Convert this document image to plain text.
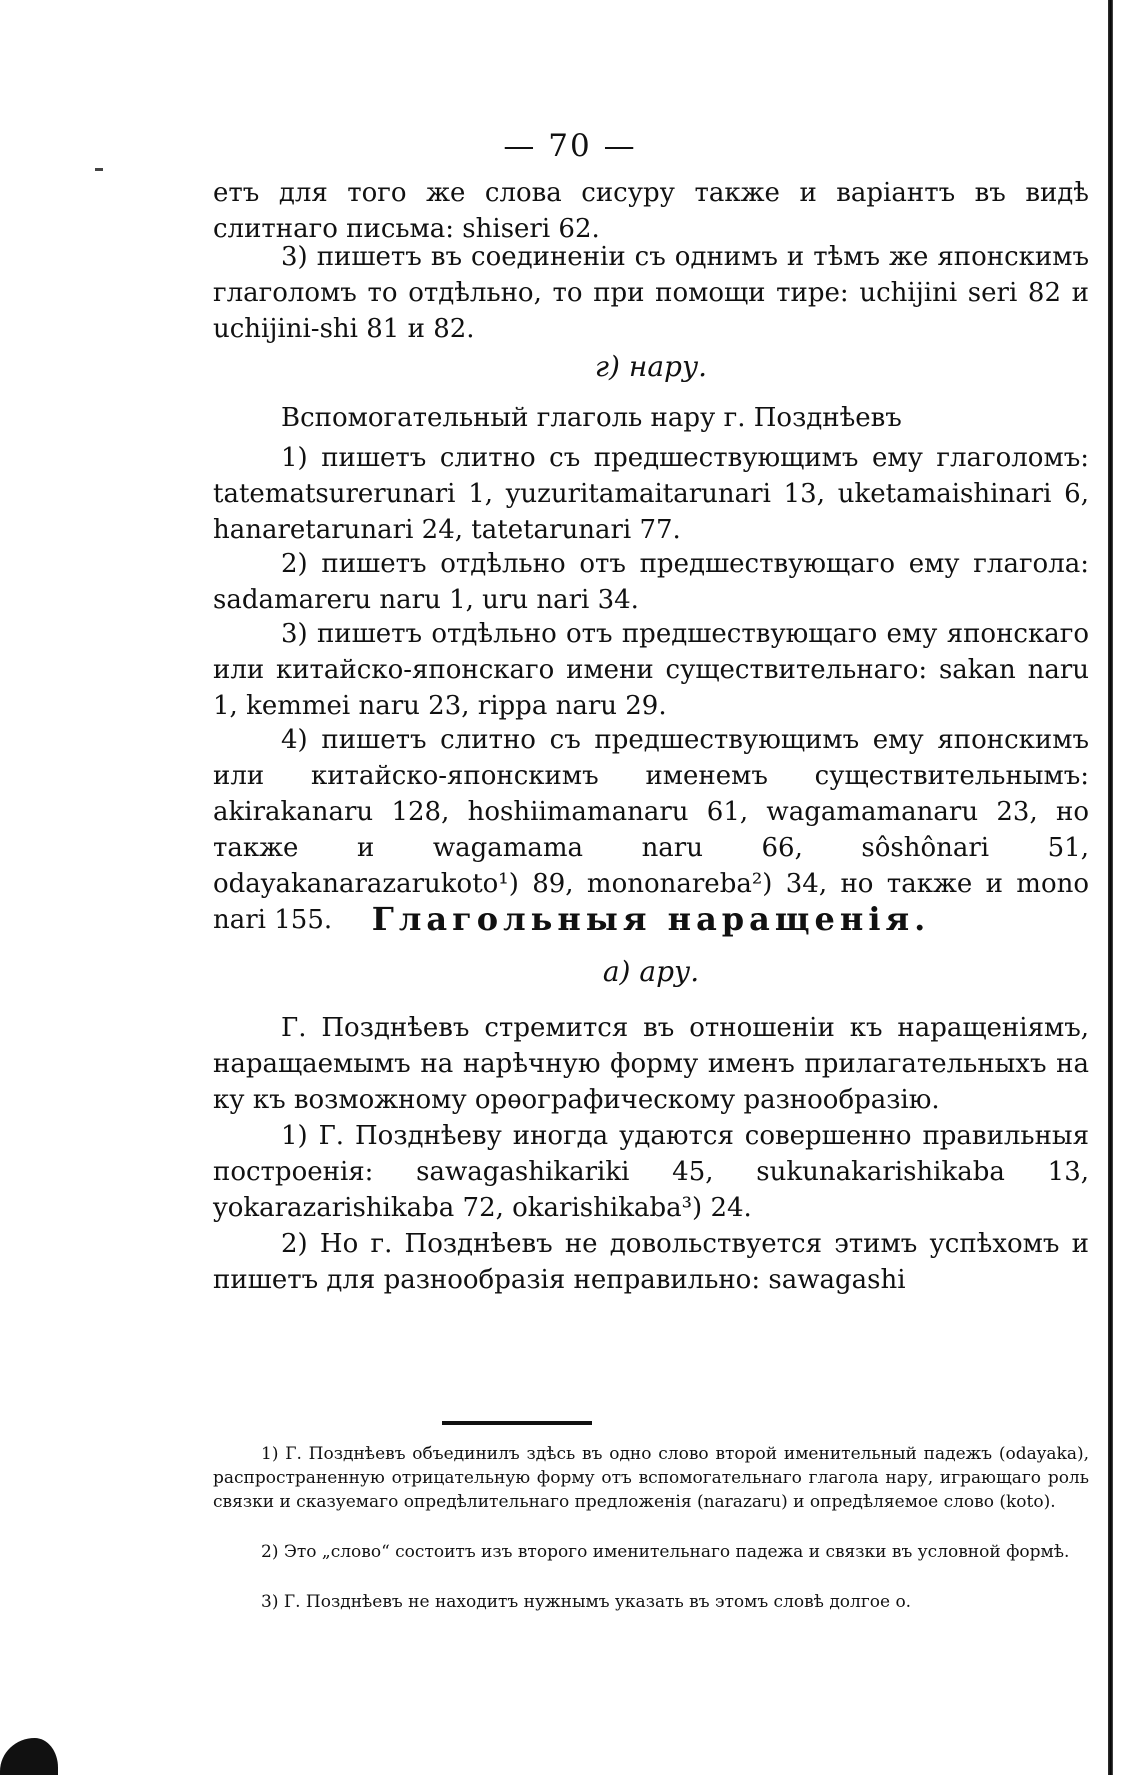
— 70 —

етъ для того же слова сисуру также и варіантъ въ видѣ слитнаго письма: shiseri 62.

3) пишетъ въ соединеніи съ однимъ и тѣмъ же японскимъ глаголомъ то отдѣльно, то при помощи тире: uchijini seri 82 и uchijini-shi 81 и 82.

г) нару.

Вспомогательный глаголь нару г. Позднѣевъ

1) пишетъ слитно съ предшествующимъ ему глаголомъ: tatematsurerunari 1, yuzuritamaitarunari 13, uketamaishinari 6, hanaretarunari 24, tatetarunari 77.

2) пишетъ отдѣльно отъ предшествующаго ему глагола: sadamareru naru 1, uru nari 34.

3) пишетъ отдѣльно отъ предшествующаго ему японскаго или китайско-японскаго имени существительнаго: sakan naru 1, kemmei naru 23, rippa naru 29.

4) пишетъ слитно съ предшествующимъ ему японскимъ или китайско-японскимъ именемъ существительнымъ: akirakanaru 128, hoshiimamanaru 61, wagamamanaru 23, но также и wagamama naru 66, sôshônari 51, odayakanarazarukoto¹) 89, mononareba²) 34, но также и mono nari 155.	Глагольныя наращенія.

а) ару.

Г. Позднѣевъ стремится въ отношеніи къ наращеніямъ, наращаемымъ на нарѣчную форму именъ прилагательныхъ на ку къ возможному орѳографическому разнообразію.

1) Г. Позднѣеву иногда удаются совершенно правильныя построенія: sawagashikariki 45, sukunakarishikaba 13, yokarazarishikaba 72, okarishikaba³) 24.

2) Но г. Позднѣевъ не довольствуется этимъ успѣхомъ и пишетъ для разнообразія неправильно: sawagashi

1) Г. Позднѣевъ объединилъ здѣсь въ одно слово второй именительный падежъ (odayaka), распространенную отрицательную форму отъ вспомогательнаго глагола нару, играющаго роль связки и сказуемаго опредѣлительнаго предложенія (narazaru) и опредѣляемое слово (koto).

2) Это „слово“ состоитъ изъ второго именительнаго падежа и связки въ условной формѣ.

3) Г. Позднѣевъ не находитъ нужнымъ указать въ этомъ словѣ долгое о.
